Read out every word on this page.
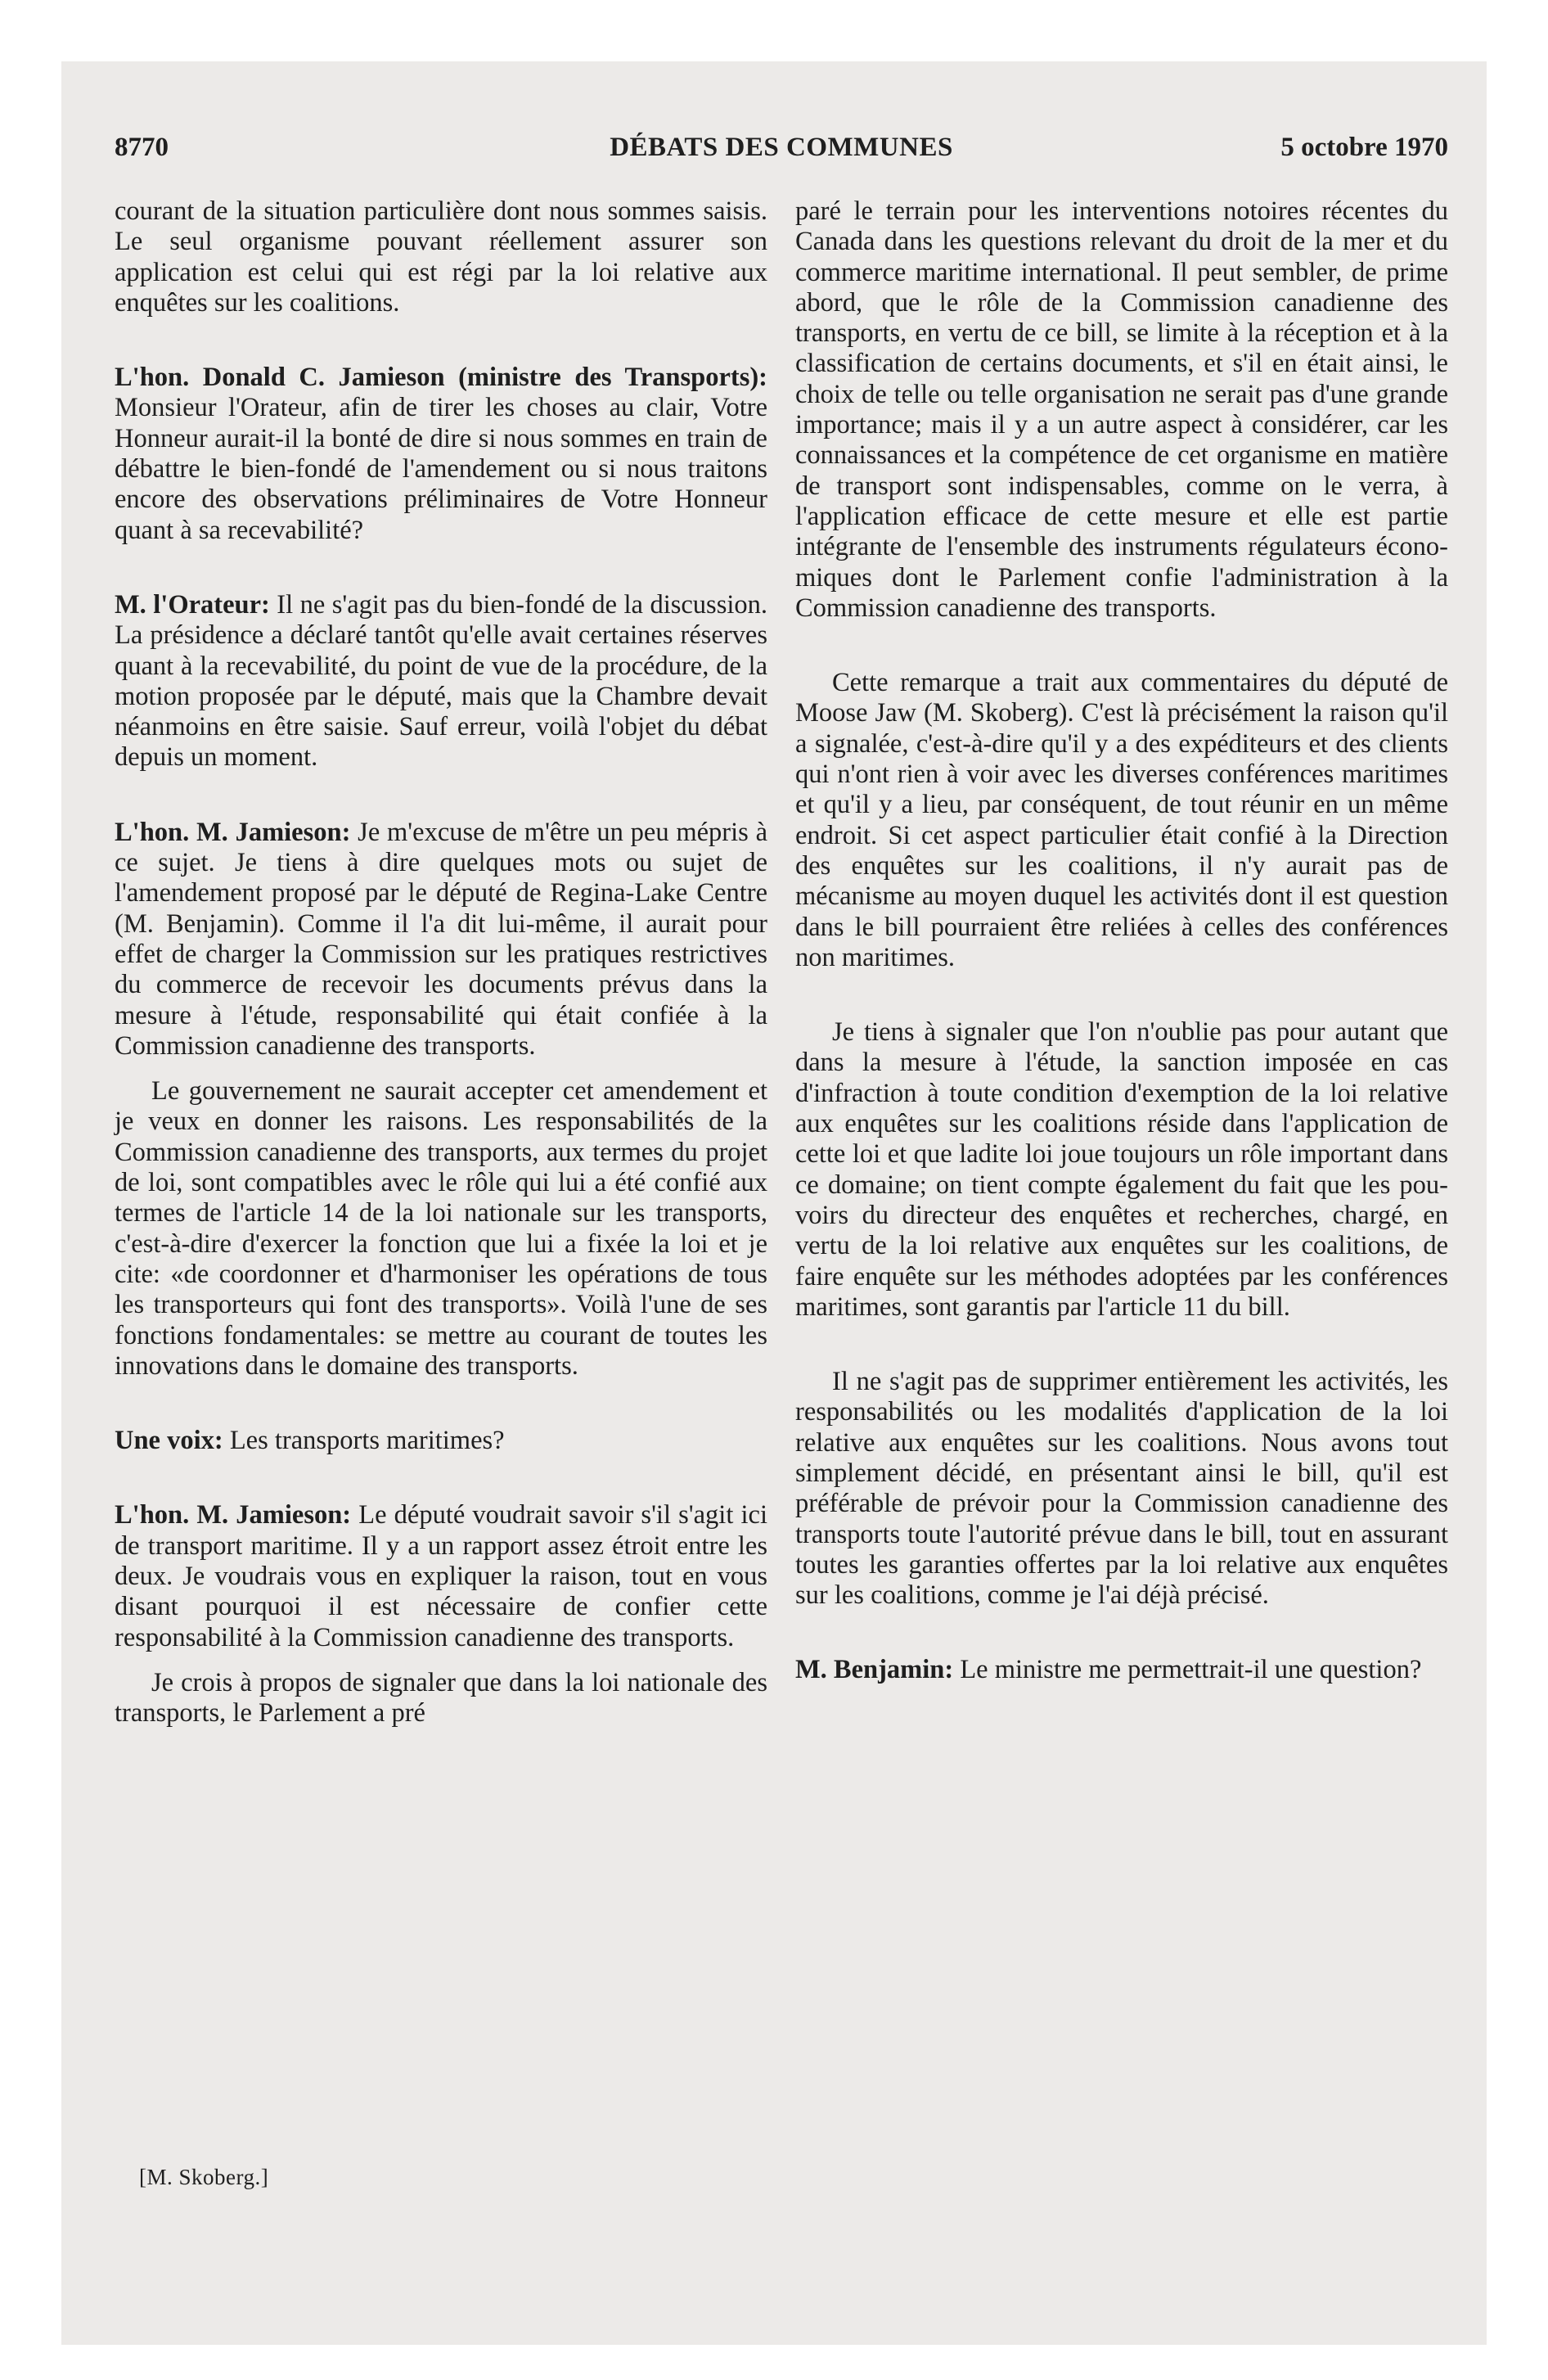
8770	DÉBATS DES COMMUNES	5 octobre 1970

courant de la situation particulière dont nous sommes saisis. Le seul organisme pouvant réellement assurer son application est celui qui est régi par la loi relative aux enquêtes sur les coalitions.

L'hon. Donald C. Jamieson (ministre des Transports): Monsieur l'Orateur, afin de tirer les choses au clair, Votre Honneur aurait-il la bonté de dire si nous sommes en train de débattre le bien-fondé de l'amendement ou si nous traitons encore des observations préliminaires de Votre Honneur quant à sa recevabilité?

M. l'Orateur: Il ne s'agit pas du bien-fondé de la discussion. La présidence a déclaré tantôt qu'elle avait certaines réserves quant à la recevabilité, du point de vue de la procédure, de la motion proposée par le député, mais que la Chambre devait néanmoins en être saisie. Sauf erreur, voilà l'objet du débat depuis un moment.

L'hon. M. Jamieson: Je m'excuse de m'être un peu mépris à ce sujet. Je tiens à dire quelques mots ou sujet de l'amendement proposé par le député de Regina-Lake Centre (M. Benjamin). Comme il l'a dit lui-même, il aurait pour effet de charger la Commission sur les pratiques restrictives du commerce de recevoir les documents prévus dans la mesure à l'étude, responsabilité qui était confiée à la Commission canadienne des transports.

Le gouvernement ne saurait accepter cet amendement et je veux en donner les raisons. Les responsabilités de la Commission canadienne des transports, aux termes du projet de loi, sont compatibles avec le rôle qui lui a été confié aux termes de l'article 14 de la loi nationale sur les transports, c'est-à-dire d'exercer la fonction que lui a fixée la loi et je cite: «de coordonner et d'harmoniser les opérations de tous les transporteurs qui font des transports». Voilà l'une de ses fonctions fondamentales: se mettre au courant de toutes les innovations dans le domaine des transports.

Une voix: Les transports maritimes?

L'hon. M. Jamieson: Le député voudrait savoir s'il s'agit ici de transport maritime. Il y a un rapport assez étroit entre les deux. Je voudrais vous en expliquer la raison, tout en vous disant pourquoi il est nécessaire de confier cette responsabilité à la Commission canadienne des transports.

Je crois à propos de signaler que dans la loi nationale des transports, le Parlement a pré

paré le terrain pour les interventions notoires récentes du Canada dans les questions relevant du droit de la mer et du commerce maritime international. Il peut sembler, de prime abord, que le rôle de la Commission canadienne des transports, en vertu de ce bill, se limite à la réception et à la classification de certains documents, et s'il en était ainsi, le choix de telle ou telle organisation ne serait pas d'une grande importance; mais il y a un autre aspect à considérer, car les connaissances et la compétence de cet organisme en matière de transport sont indispensables, comme on le verra, à l'application efficace de cette mesure et elle est partie intégrante de l'ensemble des instruments régulateurs économiques dont le Parlement confie l'administration à la Commission canadienne des transports.

Cette remarque a trait aux commentaires du député de Moose Jaw (M. Skoberg). C'est là précisément la raison qu'il a signalée, c'est-à-dire qu'il y a des expéditeurs et des clients qui n'ont rien à voir avec les diverses conférences maritimes et qu'il y a lieu, par conséquent, de tout réunir en un même endroit. Si cet aspect particulier était confié à la Direction des enquêtes sur les coalitions, il n'y aurait pas de mécanisme au moyen duquel les activités dont il est question dans le bill pourraient être reliées à celles des conférences non maritimes.

Je tiens à signaler que l'on n'oublie pas pour autant que dans la mesure à l'étude, la sanction imposée en cas d'infraction à toute condition d'exemption de la loi relative aux enquêtes sur les coalitions réside dans l'application de cette loi et que ladite loi joue toujours un rôle important dans ce domaine; on tient compte également du fait que les pouvoirs du directeur des enquêtes et recherches, chargé, en vertu de la loi relative aux enquêtes sur les coalitions, de faire enquête sur les méthodes adoptées par les conférences maritimes, sont garantis par l'article 11 du bill.

Il ne s'agit pas de supprimer entièrement les activités, les responsabilités ou les modalités d'application de la loi relative aux enquêtes sur les coalitions. Nous avons tout simplement décidé, en présentant ainsi le bill, qu'il est préférable de prévoir pour la Commission canadienne des transports toute l'autorité prévue dans le bill, tout en assurant toutes les garanties offertes par la loi relative aux enquêtes sur les coalitions, comme je l'ai déjà précisé.

M. Benjamin: Le ministre me permettrait-il une question?

[M. Skoberg.]
